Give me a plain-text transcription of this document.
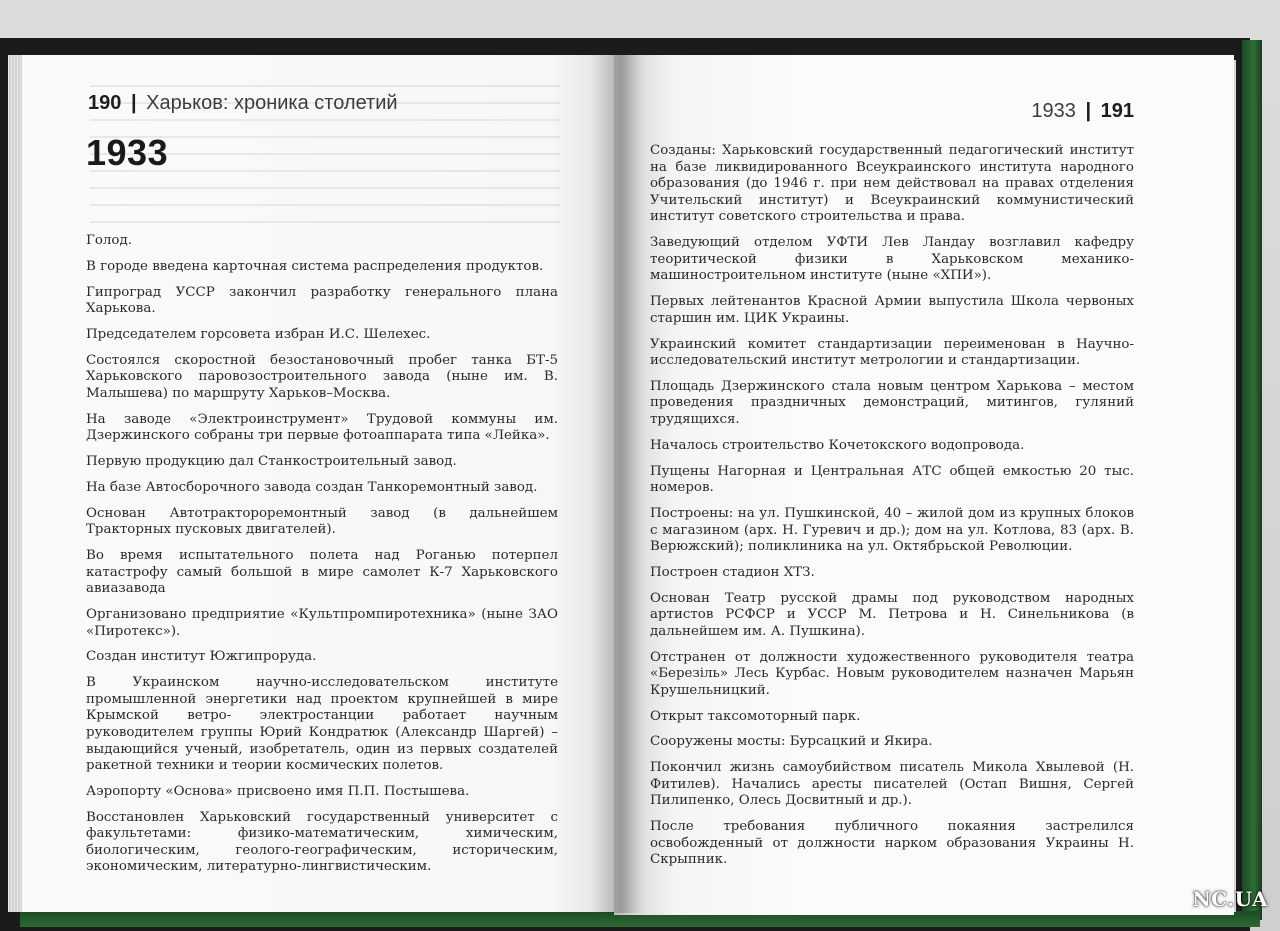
190 | Харьков: хроника столетий
1933

Голод.

В городе введена карточная система распределения продуктов.

Гипроград УССР закончил разработку генерального плана Харькова.

Председателем горсовета избран И.С. Шелехес.

Состоялся скоростной безостановочный пробег танка БТ-5 Харьковского паровозостроительного завода (ныне им. В. Малышева) по маршруту Харьков–Москва.

На заводе «Электроинструмент» Трудовой коммуны им. Дзержинского собраны три первые фотоаппарата типа «Лейка».

Первую продукцию дал Станкостроительный завод.

На базе Автосборочного завода создан Танкоремонтный завод.

Основан Автотрактороремонтный завод (в дальнейшем Тракторных пусковых двигателей).

Во время испытательного полета над Роганью потерпел катастрофу самый большой в мире самолет К-7 Харьковского авиазавода

Организовано предприятие «Культпромпиротехника» (ныне ЗАО «Пиротекс»).

Создан институт Южгипроруда.

В Украинском научно-исследовательском институте промышленной энергетики над проектом крупнейшей в мире Крымской ветро- электростанции работает научным руководителем группы Юрий Кондратюк (Александр Шаргей) – выдающийся ученый, изобретатель, один из первых создателей ракетной техники и теории космических полетов.

Аэропорту «Основа» присвоено имя П.П. Постышева.

Восстановлен Харьковский государственный университет с факультетами: физико-математическим, химическим, биологическим, геолого-географическим, историческим, экономическим, литературно-лингвистическим.

1933 | 191

Созданы: Харьковский государственный педагогический институт на базе ликвидированного Всеукраинского института народного образования (до 1946 г. при нем действовал на правах отделения Учительский институт) и Всеукраинский коммунистический институт советского строительства и права.

Заведующий отделом УФТИ Лев Ландау возглавил кафедру теоритической физики в Харьковском механико-машиностроительном институте (ныне «ХПИ»).

Первых лейтенантов Красной Армии выпустила Школа червоных старшин им. ЦИК Украины.

Украинский комитет стандартизации переименован в Научно-исследовательский институт метрологии и стандартизации.

Площадь Дзержинского стала новым центром Харькова – местом проведения праздничных демонстраций, митингов, гуляний трудящихся.

Началось строительство Кочетокского водопровода.

Пущены Нагорная и Центральная АТС общей емкостью 20 тыс. номеров.

Построены: на ул. Пушкинской, 40 – жилой дом из крупных блоков с магазином (арх. Н. Гуревич и др.); дом на ул. Котлова, 83 (арх. В. Верюжский); поликлиника на ул. Октябрьской Революции.

Построен стадион ХТЗ.

Основан Театр русской драмы под руководством народных артистов РСФСР и УССР М. Петрова и Н. Синельникова (в дальнейшем им. А. Пушкина).

Отстранен от должности художественного руководителя театра «Березіль» Лесь Курбас. Новым руководителем назначен Марьян Крушельницкий.

Открыт таксомоторный парк.

Сооружены мосты: Бурсацкий и Якира.

Покончил жизнь самоубийством писатель Микола Хвылевой (Н. Фитилев). Начались аресты писателей (Остап Вишня, Сергей Пилипенко, Олесь Досвитный и др.).

После требования публичного покаяния застрелился освобожденный от должности нарком образования Украины Н. Скрыпник.

NC.UA
